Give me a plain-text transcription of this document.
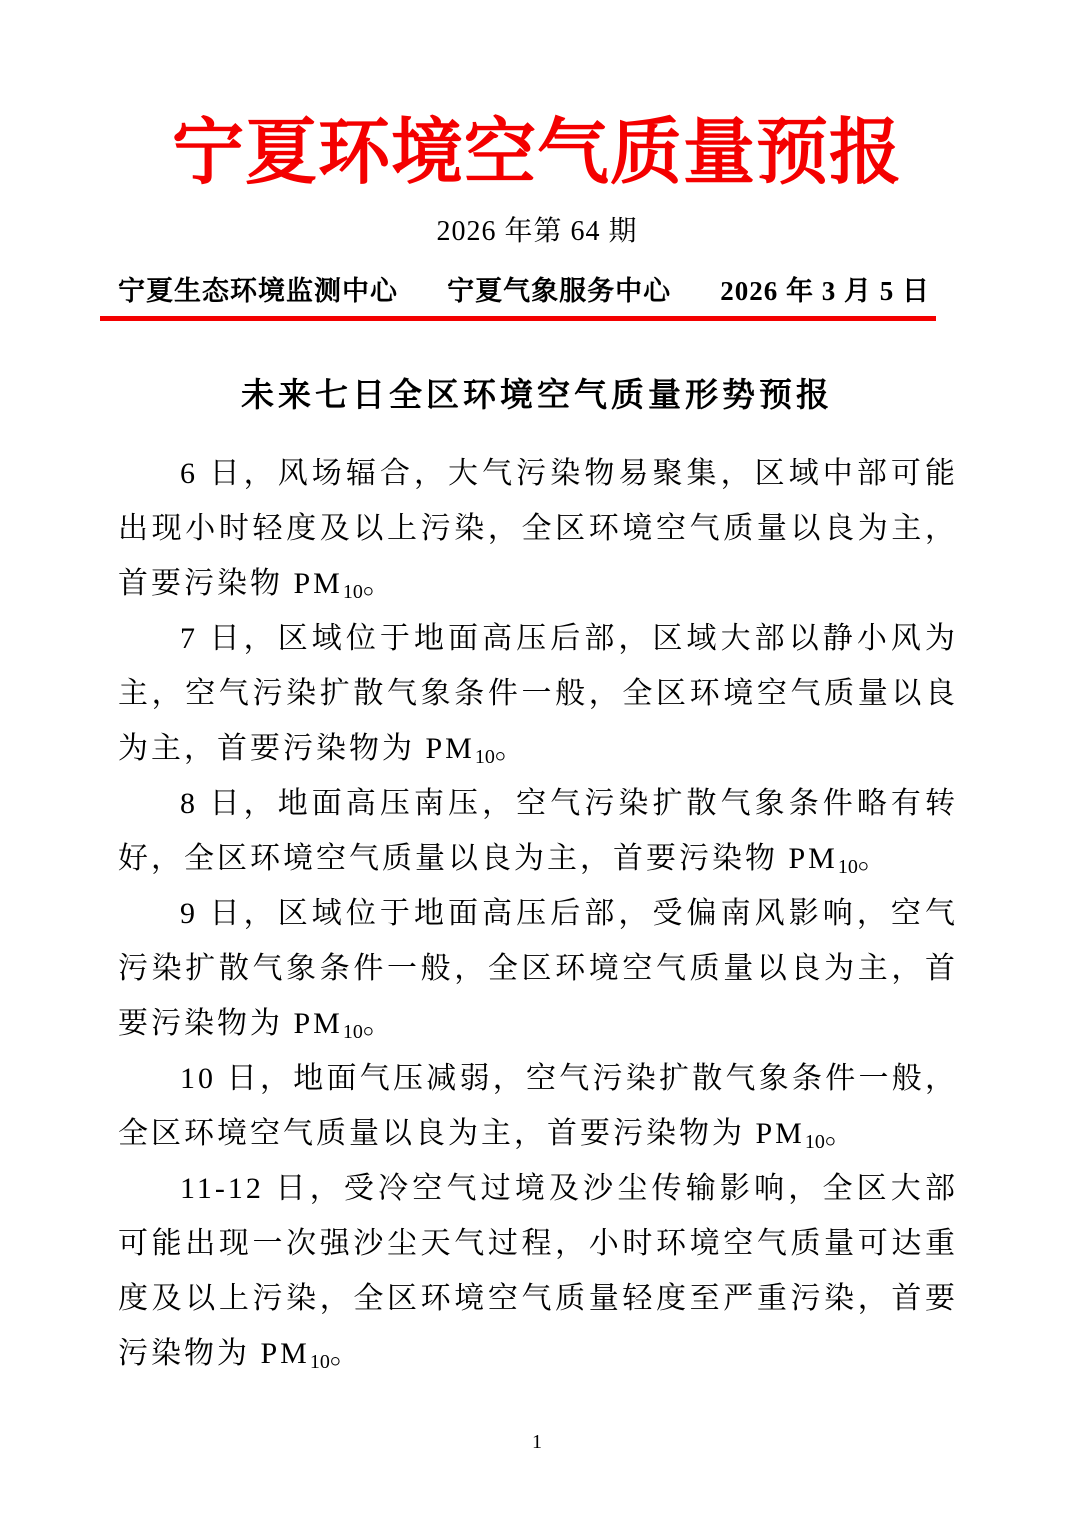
宁夏环境空气质量预报
2026 年第 64 期
宁夏生态环境监测中心 宁夏气象服务中心 2026 年 3 月 5 日
未来七日全区环境空气质量形势预报

6 日，风场辐合，大气污染物易聚集，区域中部可能出现小时轻度及以上污染，全区环境空气质量以良为主，首要污染物 $PM_{10}$。

7 日，区域位于地面高压后部，区域大部以静小风为主，空气污染扩散气象条件一般，全区环境空气质量以良为主，首要污染物为 $PM_{10}$。

8 日，地面高压南压，空气污染扩散气象条件略有转好，全区环境空气质量以良为主，首要污染物 $PM_{10}$。

9 日，区域位于地面高压后部，受偏南风影响，空气污染扩散气象条件一般，全区环境空气质量以良为主，首要污染物为 $PM_{10}$。

10 日，地面气压减弱，空气污染扩散气象条件一般，全区环境空气质量以良为主，首要污染物为 $PM_{10}$。

11-12 日，受冷空气过境及沙尘传输影响，全区大部可能出现一次强沙尘天气过程，小时环境空气质量可达重度及以上污染，全区环境空气质量轻度至严重污染，首要污染物为 $PM_{10}$。

1
